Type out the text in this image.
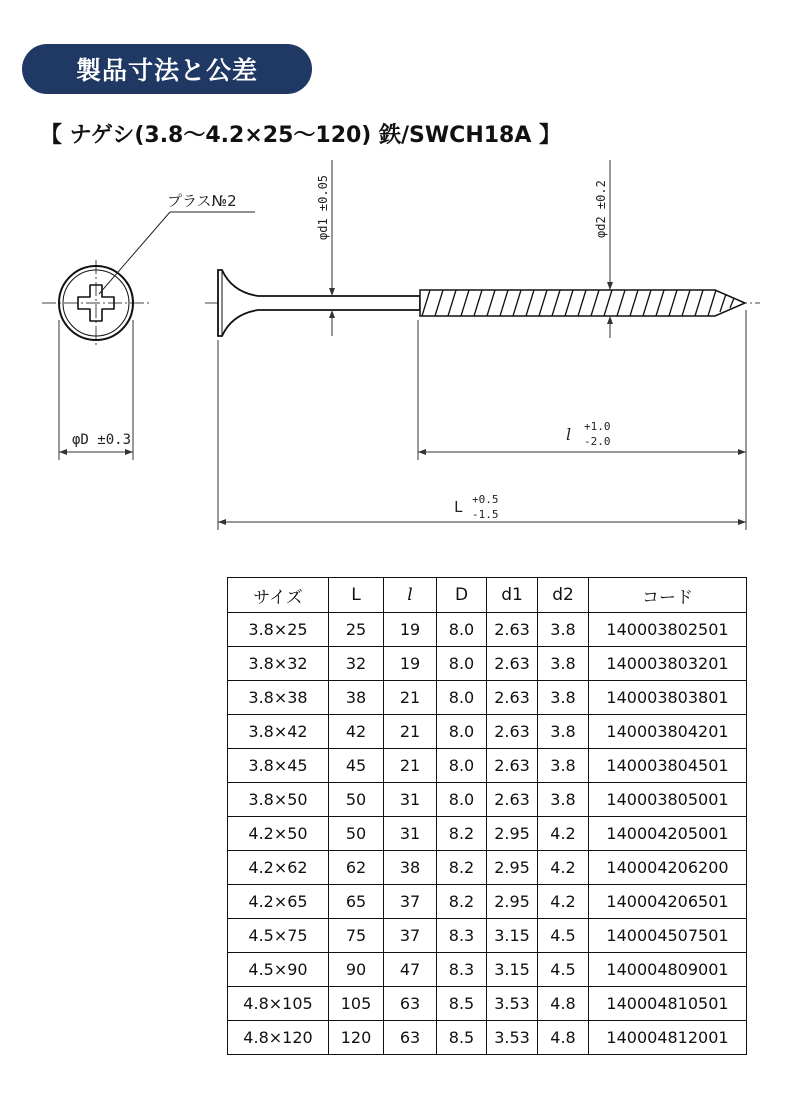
製品寸法と公差
【 ナゲシ(3.8〜4.2×25〜120) 鉄/SWCH18A 】
プラス№2
φD ±0.3
φd1 ±0.05	φd2 ±0.2
l +1.0
-2.0
L +0.5
-1.5
サイズ	L	l	D	d1	d2	コード
3.8×25	25	19	8.0	2.63	3.8	140003802501
3.8×32	32	19	8.0	2.63	3.8	140003803201
3.8×38	38	21	8.0	2.63	3.8	140003803801
3.8×42	42	21	8.0	2.63	3.8	140003804201
3.8×45	45	21	8.0	2.63	3.8	140003804501
3.8×50	50	31	8.0	2.63	3.8	140003805001
4.2×50	50	31	8.2	2.95	4.2	140004205001
4.2×62	62	38	8.2	2.95	4.2	140004206200
4.2×65	65	37	8.2	2.95	4.2	140004206501
4.5×75	75	37	8.3	3.15	4.5	140004507501
4.5×90	90	47	8.3	3.15	4.5	140004809001
4.8×105	105	63	8.5	3.53	4.8	140004810501
4.8×120	120	63	8.5	3.53	4.8	140004812001
